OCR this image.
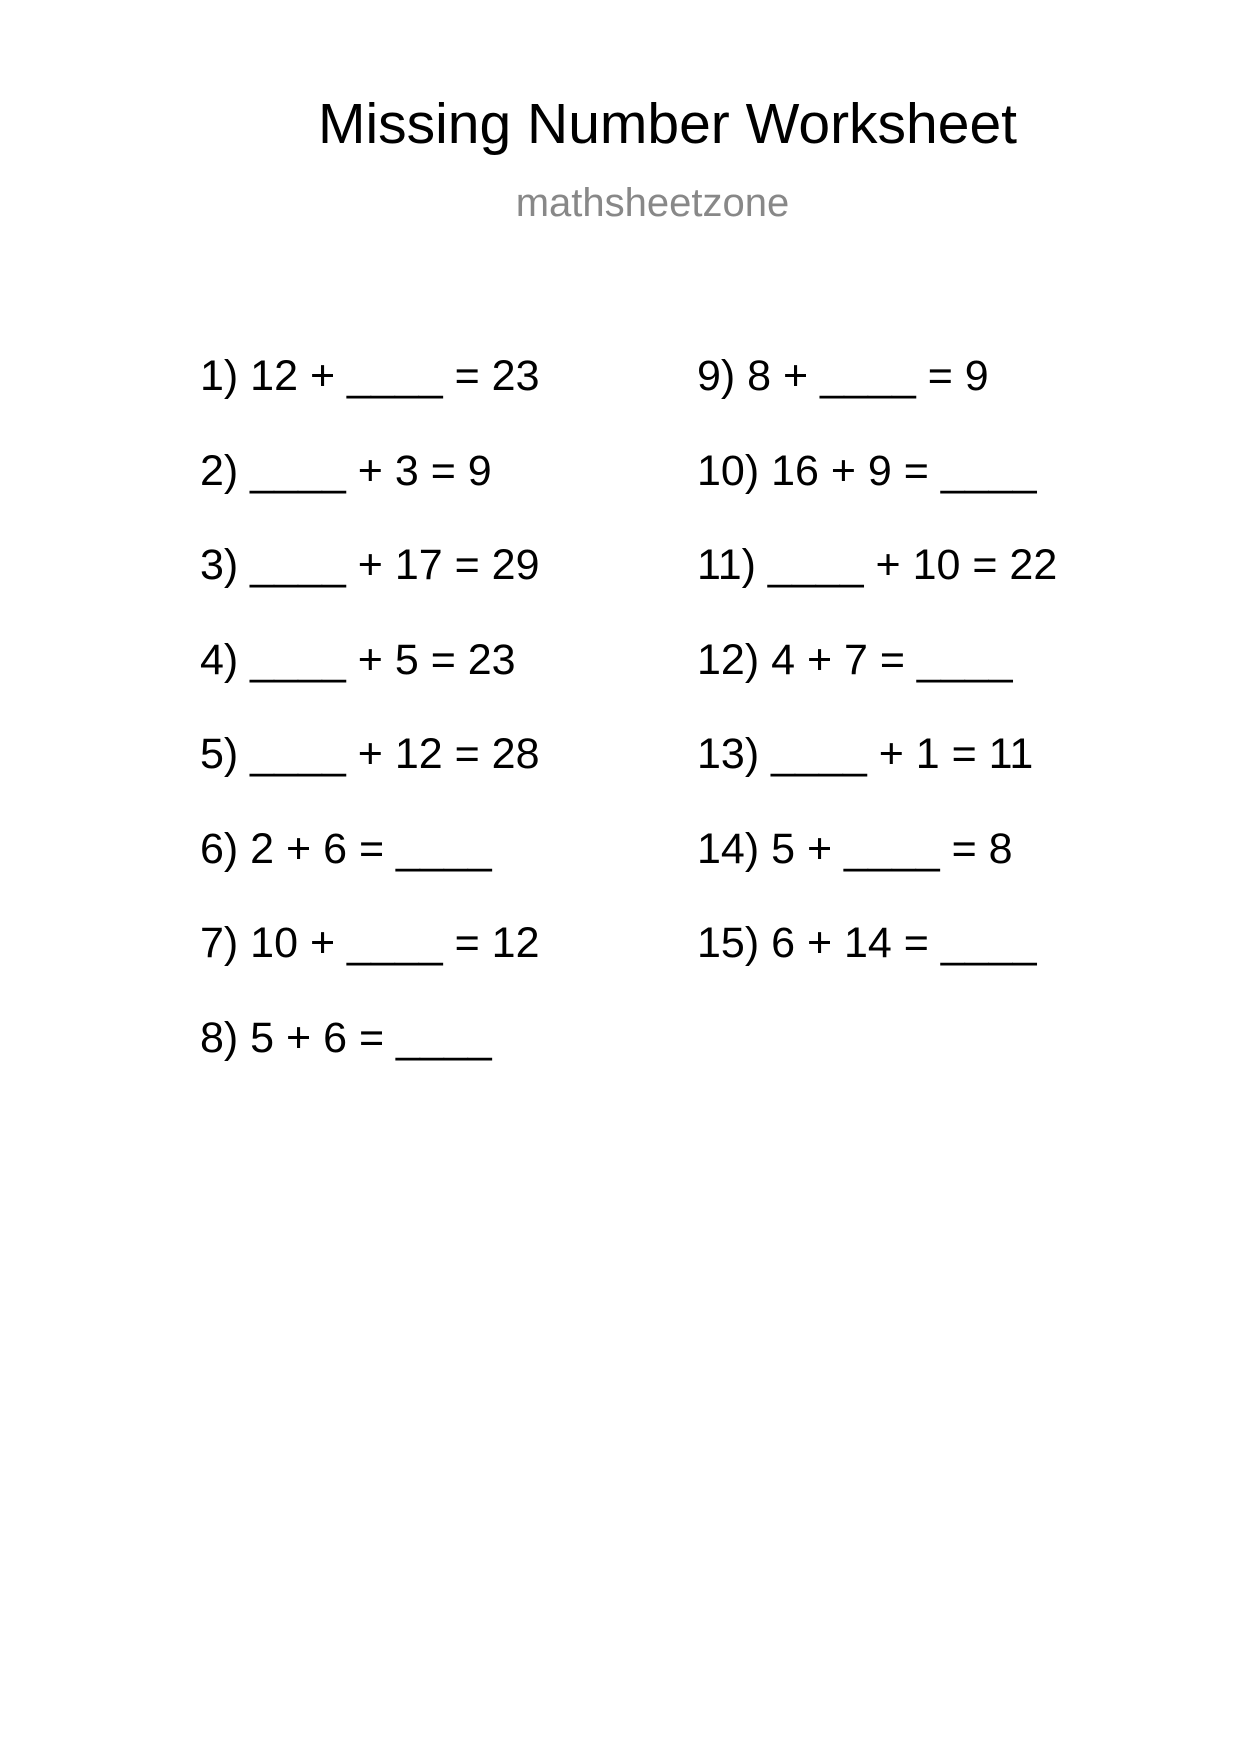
Missing Number Worksheet
mathsheetzone
1) 12 + ____ = 23
2) ____ + 3 = 9
3) ____ + 17 = 29
4) ____ + 5 = 23
5) ____ + 12 = 28
6) 2 + 6 = ____
7) 10 + ____ = 12
8) 5 + 6 = ____
9) 8 + ____ = 9
10) 16 + 9 = ____
11) ____ + 10 = 22
12) 4 + 7 = ____
13) ____ + 1 = 11
14) 5 + ____ = 8
15) 6 + 14 = ____
